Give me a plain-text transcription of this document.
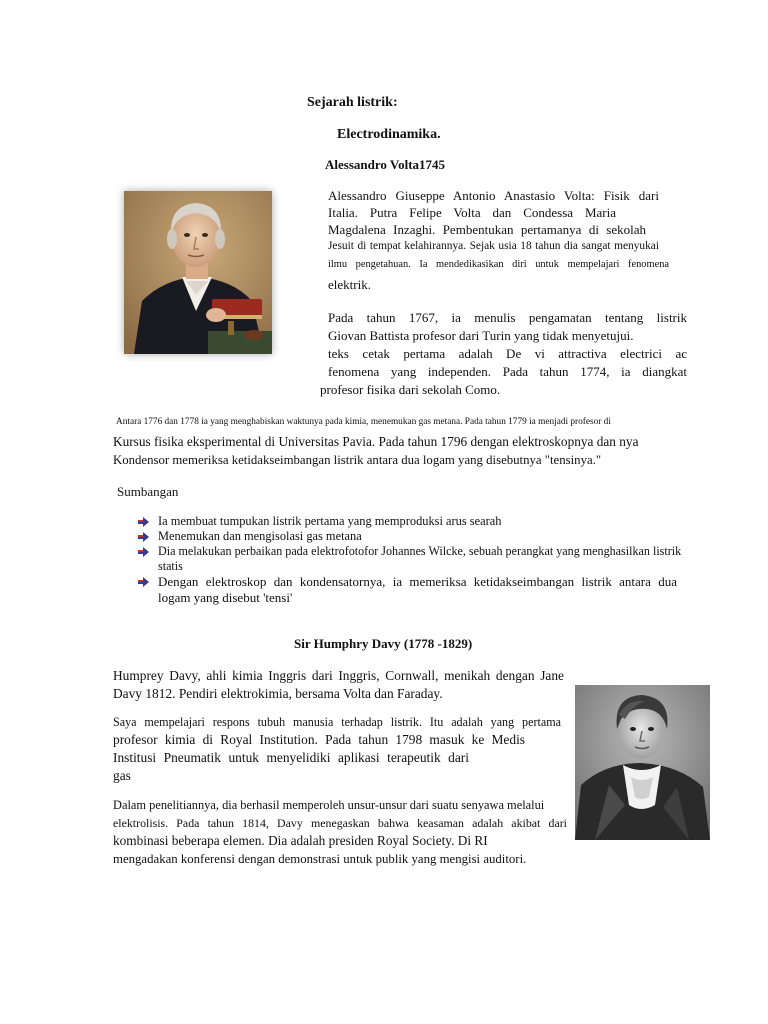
Sejarah listrik:
Electrodinamika.
Alessandro Volta1745
Alessandro Giuseppe Antonio Anastasio Volta: Fisik dari
Italia. Putra Felipe Volta dan Condessa Maria
Magdalena Inzaghi. Pembentukan pertamanya di sekolah
Jesuit di tempat kelahirannya. Sejak usia 18 tahun dia sangat menyukai
ilmu pengetahuan. Ia mendedikasikan diri untuk mempelajari fenomena
elektrik.
Pada tahun 1767, ia menulis pengamatan tentang listrik
Giovan Battista profesor dari Turin yang tidak menyetujui.
teks cetak pertama adalah De vi attractiva electrici ac
fenomena yang independen. Pada tahun 1774, ia diangkat
profesor fisika dari sekolah Como.
Antara 1776 dan 1778 ia yang menghabiskan waktunya pada kimia, menemukan gas metana. Pada tahun 1779 ia menjadi profesor di
Kursus fisika eksperimental di Universitas Pavia. Pada tahun 1796 dengan elektroskopnya dan nya
Kondensor memeriksa ketidakseimbangan listrik antara dua logam yang disebutnya "tensinya."
Sumbangan
Ia membuat tumpukan listrik pertama yang memproduksi arus searah
Menemukan dan mengisolasi gas metana
Dia melakukan perbaikan pada elektrofotofor Johannes Wilcke, sebuah perangkat yang menghasilkan listrik
statis
Dengan elektroskop dan kondensatornya, ia memeriksa ketidakseimbangan listrik antara dua
logam yang disebut 'tensi'
Sir Humphry Davy (1778 -1829)
Humprey Davy, ahli kimia Inggris dari Inggris, Cornwall, menikah dengan Jane
Davy 1812. Pendiri elektrokimia, bersama Volta dan Faraday.
Saya mempelajari respons tubuh manusia terhadap listrik. Itu adalah yang pertama
profesor kimia di Royal Institution. Pada tahun 1798 masuk ke Medis
Institusi Pneumatik untuk menyelidiki aplikasi terapeutik dari
gas
Dalam penelitiannya, dia berhasil memperoleh unsur-unsur dari suatu senyawa melalui
elektrolisis. Pada tahun 1814, Davy menegaskan bahwa keasaman adalah akibat dari
kombinasi beberapa elemen. Dia adalah presiden Royal Society. Di RI
mengadakan konferensi dengan demonstrasi untuk publik yang mengisi auditori.
